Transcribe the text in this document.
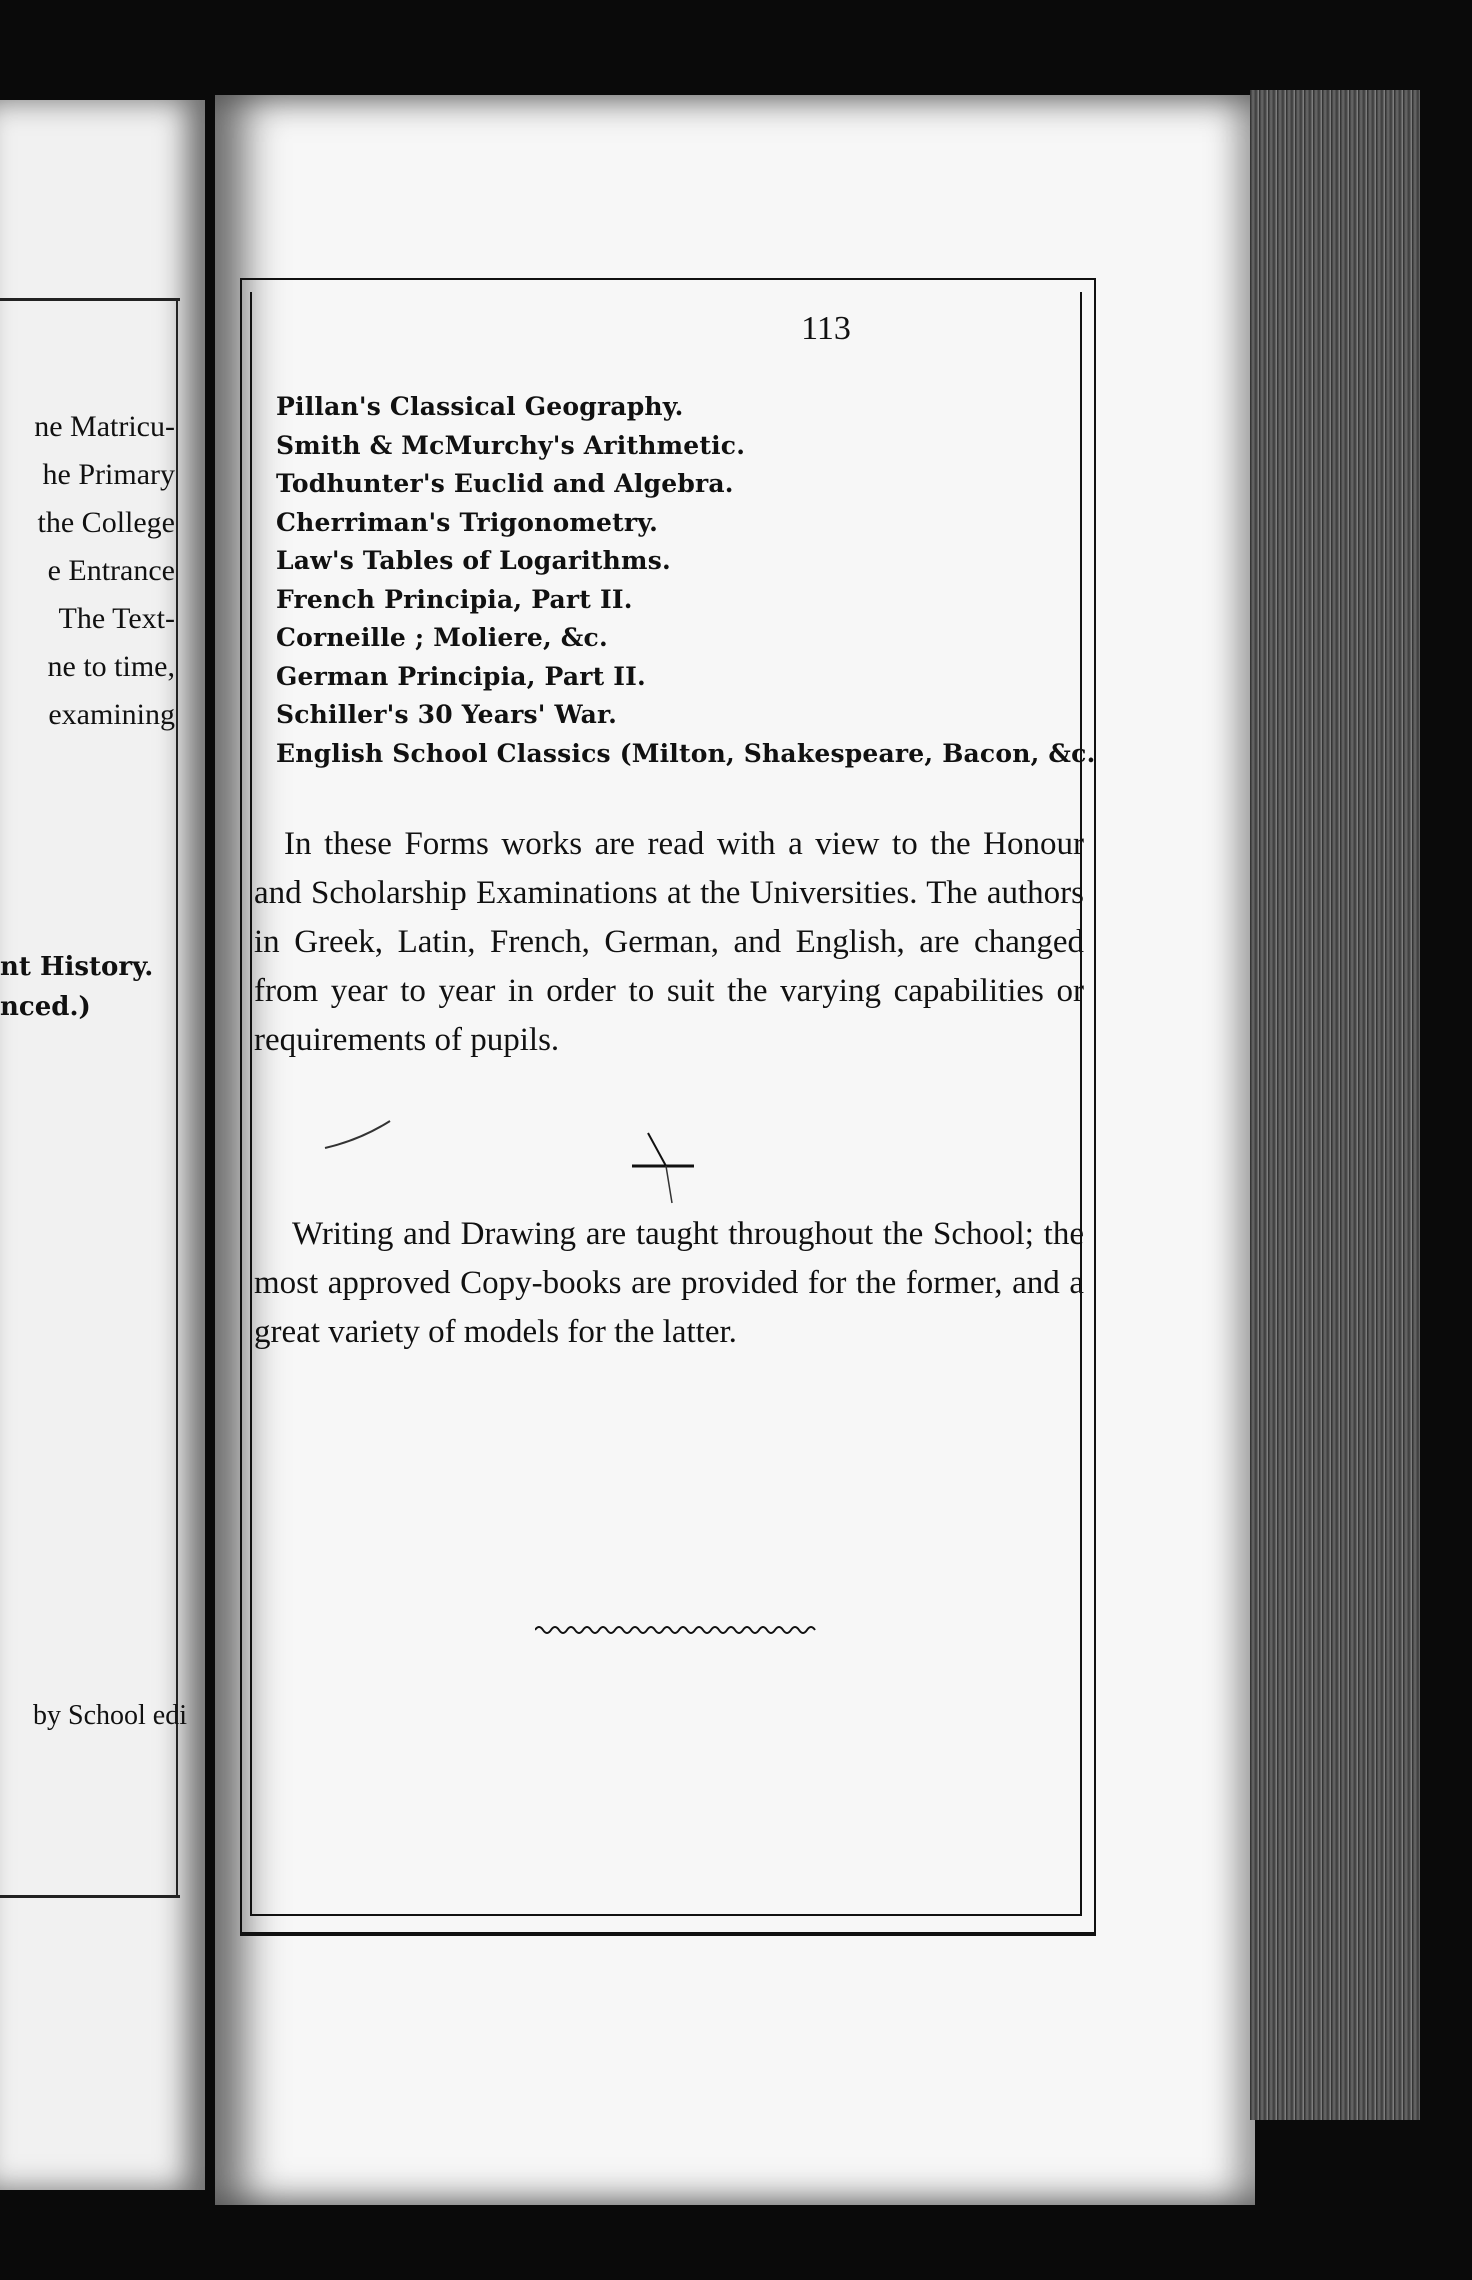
ne Matricu-
he Primary
the College
e Entrance
The Text-
ne to time,
examining
nt History.
nced.)
by School edi
113
Pillan's Classical Geography.
Smith & McMurchy's Arithmetic.
Todhunter's Euclid and Algebra.
Cherriman's Trigonometry.
Law's Tables of Logarithms.
French Principia, Part II.
Corneille ; Moliere, &c.
German Principia, Part II.
Schiller's 30 Years' War.
English School Classics (Milton, Shakespeare, Bacon, &c.
In these Forms works are read with a view to the Honour and Scholarship Examinations at the Universities. The authors in Greek, Latin, French, German, and English, are changed from year to year in order to suit the varying capabilities or requirements of pupils.
Writing and Drawing are taught throughout the School; the most approved Copy-books are provided for the former, and a great variety of models for the latter.
